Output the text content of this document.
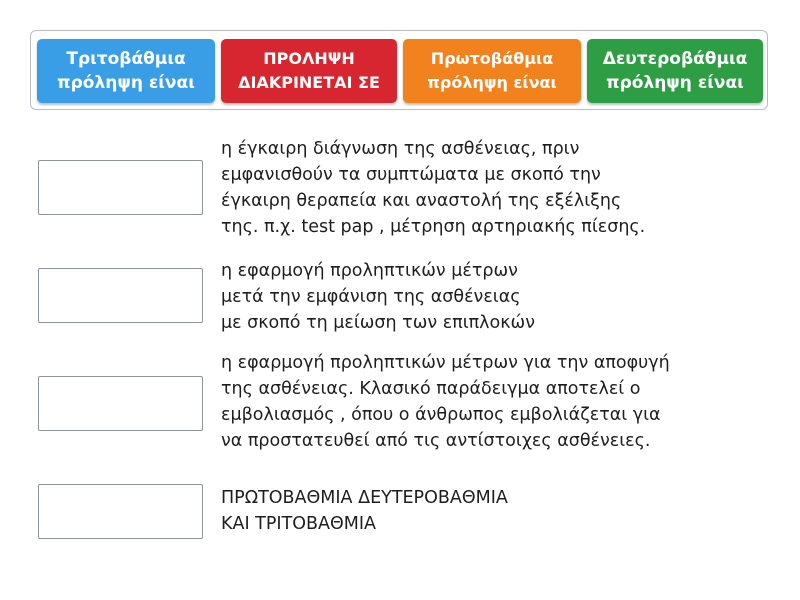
Τριτοβάθμια
πρόληψη είναι
ΠΡΟΛΗΨΗ
ΔΙΑΚΡΙΝΕΤΑΙ ΣΕ
Πρωτοβάθμια
πρόληψη είναι
Δευτεροβάθμια
πρόληψη είναι

η έγκαιρη διάγνωση της ασθένειας, πριν
εμφανισθούν τα συμπτώματα με σκοπό την
έγκαιρη θεραπεία και αναστολή της εξέλιξης
της. π.χ. test pap , μέτρηση αρτηριακής πίεσης.

η εφαρμογή προληπτικών μέτρων
μετά την εμφάνιση της ασθένειας
με σκοπό τη μείωση των επιπλοκών

η εφαρμογή προληπτικών μέτρων για την αποφυγή
της ασθένειας. Κλασικό παράδειγμα αποτελεί ο
εμβολιασμός , όπου ο άνθρωπος εμβολιάζεται για
να προστατευθεί από τις αντίστοιχες ασθένειες.

ΠΡΩΤΟΒΑΘΜΙΑ ΔΕΥΤΕΡΟΒΑΘΜΙΑ
ΚΑΙ ΤΡΙΤΟΒΑΘΜΙΑ
